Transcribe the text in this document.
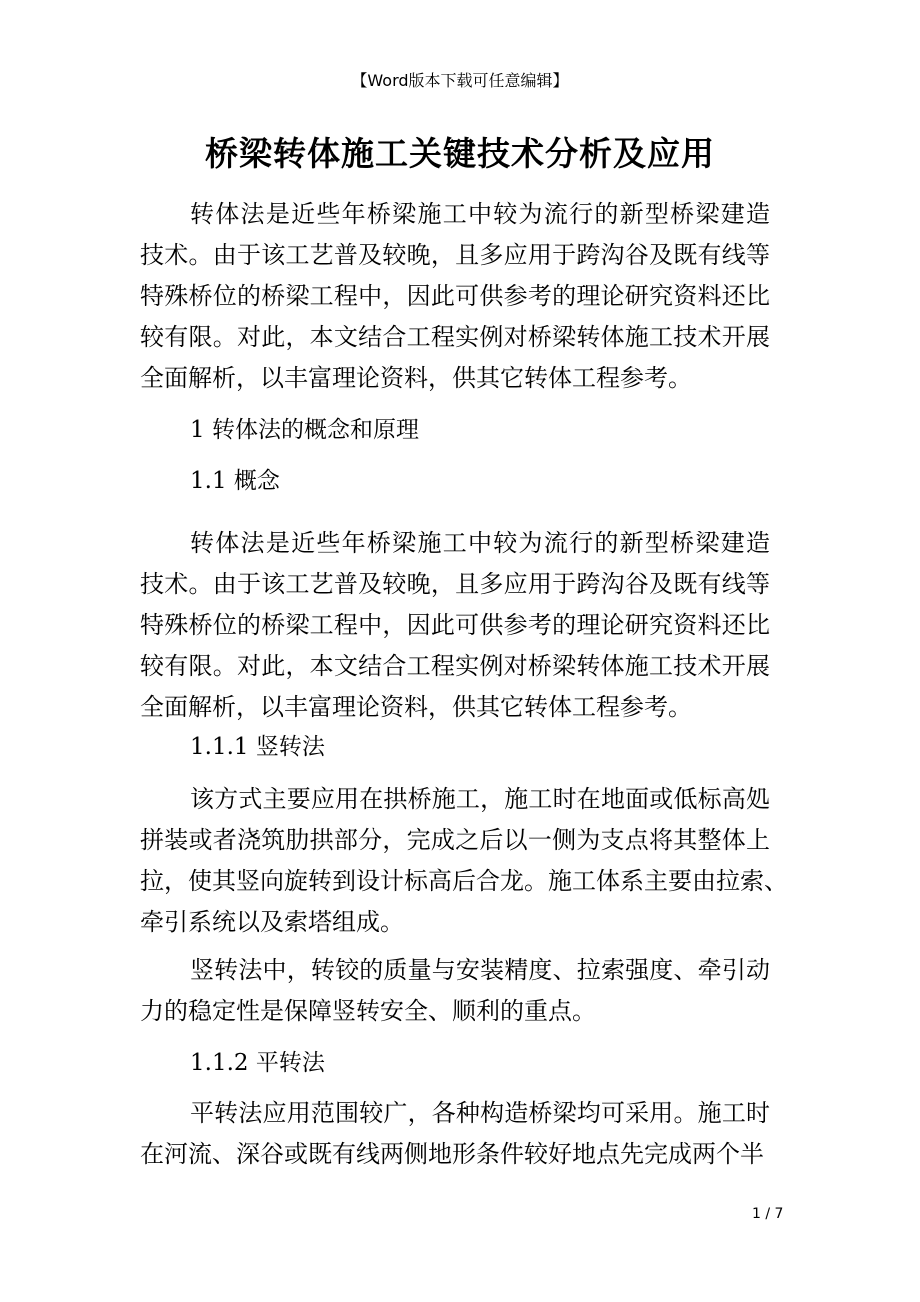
【Word版本下载可任意编辑】
桥梁转体施工关键技术分析及应用
转体法是近些年桥梁施工中较为流行的新型桥梁建造
技术。由于该工艺普及较晚，且多应用于跨沟谷及既有线等
特殊桥位的桥梁工程中，因此可供参考的理论研究资料还比
较有限。对此，本文结合工程实例对桥梁转体施工技术开展
全面解析，以丰富理论资料，供其它转体工程参考。
1 转体法的概念和原理
1.1 概念
转体法是近些年桥梁施工中较为流行的新型桥梁建造
技术。由于该工艺普及较晚，且多应用于跨沟谷及既有线等
特殊桥位的桥梁工程中，因此可供参考的理论研究资料还比
较有限。对此，本文结合工程实例对桥梁转体施工技术开展
全面解析，以丰富理论资料，供其它转体工程参考。
1.1.1 竖转法
该方式主要应用在拱桥施工，施工时在地面或低标高処
拼装或者浇筑肋拱部分，完成之后以一侧为支点将其整体上
拉，使其竖向旋转到设计标高后合龙。施工体系主要由拉索、
牵引系统以及索塔组成。
竖转法中，转铰的质量与安装精度、拉索强度、牵引动
力的稳定性是保障竖转安全、顺利的重点。
1.1.2 平转法
平转法应用范围较广，各种构造桥梁均可采用。施工时
在河流、深谷或既有线两侧地形条件较好地点先完成两个半
1 / 7
